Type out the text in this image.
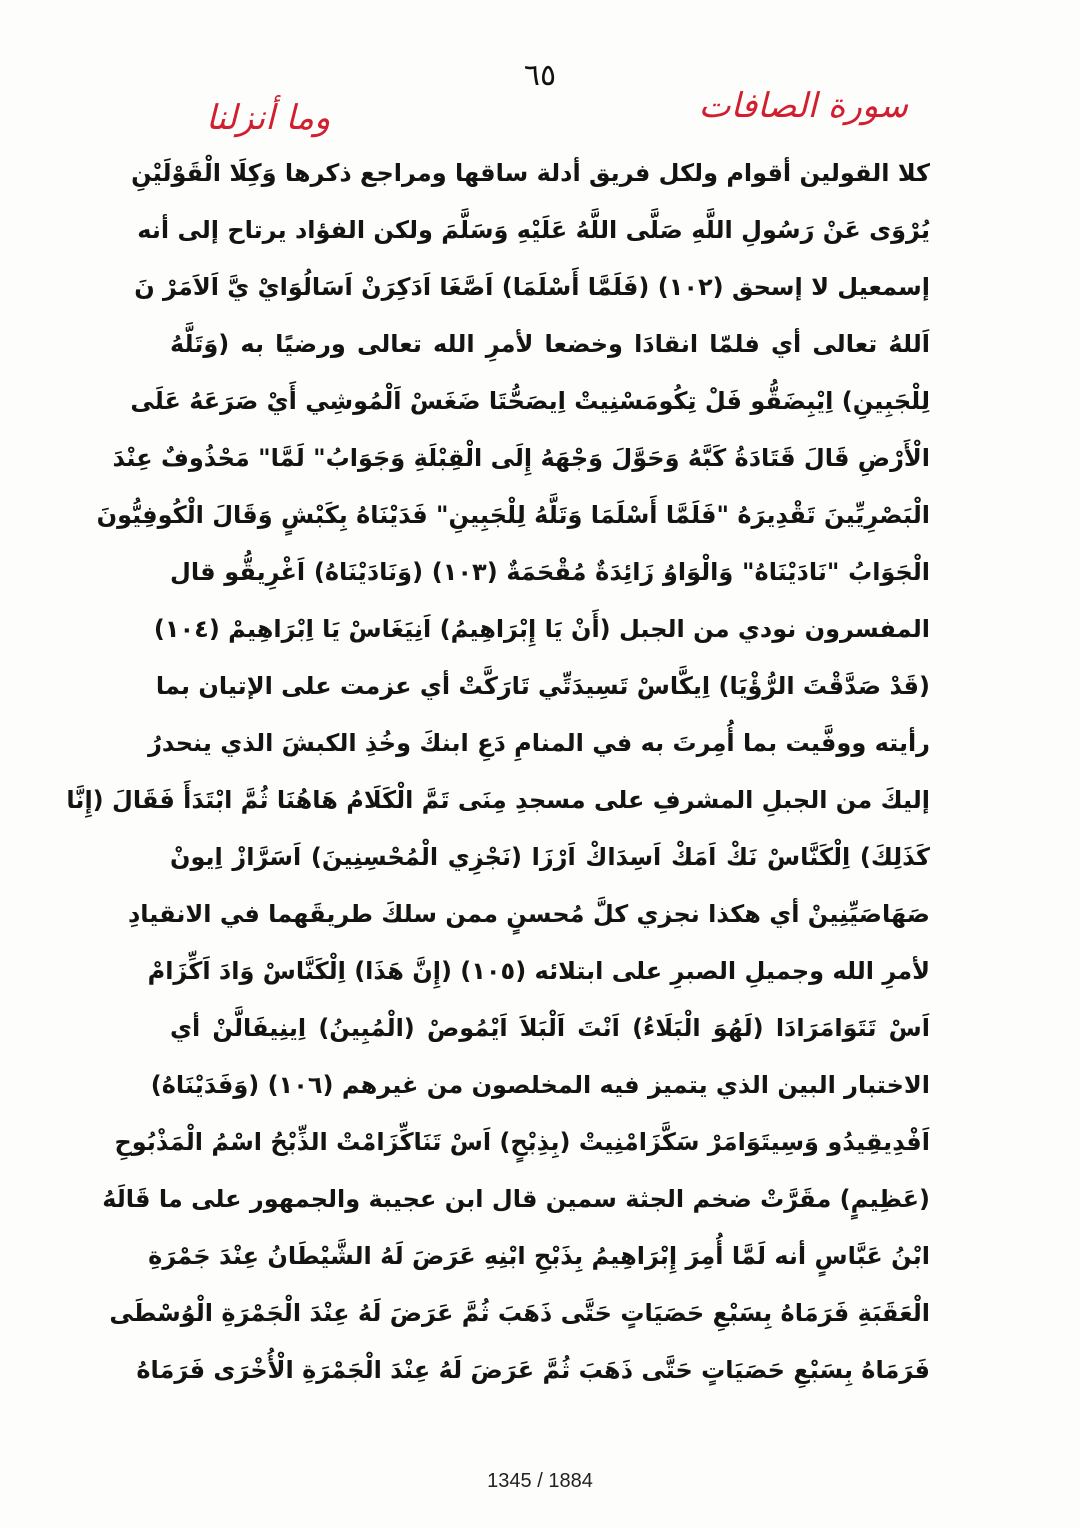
٦٥
سورة الصافات
وما أنزلنا
كلا القولين أقوام ولكل فريق أدلة ساقها ومراجع ذكرها وَكِلَا الْقَوْلَيْنِ
يُرْوَى عَنْ رَسُولِ اللَّهِ صَلَّى اللَّهُ عَلَيْهِ وَسَلَّمَ ولكن الفؤاد يرتاح إلى أنه
إسمعيل لا إسحق (١٠٢) (فَلَمَّا أَسْلَمَا) اَصَّغَا اَدَكِرَنْ اَسَالُوَايْ يَّ اَلاَمَرْ نَ
اَللهُ تعالى أي فلمّا انقادَا وخضعا لأمرِ الله تعالى ورضيًا به (وَتَلَّهُ
لِلْجَبِينِ) اِيْبِضَقُّو فَلْ تِكُومَسْنِيتْ اِيصَحُّتَا ضَغَسْ اَلْمُوشِي أَيْ صَرَعَهُ عَلَى
الْأَرْضِ قَالَ قَتَادَةُ كَبَّهُ وَحَوَّلَ وَجْهَهُ إِلَى الْقِبْلَةِ وَجَوَابُ" لَمَّا" مَحْذُوفٌ عِنْدَ
الْبَصْرِيِّينَ تَقْدِيرَهُ "فَلَمَّا أَسْلَمَا وَتَلَّهُ لِلْجَبِينِ" فَدَيْنَاهُ بِكَبْشٍ وَقَالَ الْكُوفِيُّونَ
الْجَوَابُ "نَادَيْنَاهُ" وَالْوَاوُ زَائِدَةٌ مُقْحَمَةٌ (١٠٣) (وَنَادَيْنَاهُ) اَغْرِيقُّو قال
المفسرون نودي من الجبل (أَنْ يَا إِبْرَاهِيمُ) اَنِيَغَاسْ يَا اِبْرَاهِيمْ (١٠٤)
(قَدْ صَدَّقْتَ الرُّؤْيَا) اِيكَّاسْ تَسِيدَتِّي تَارَكَّتْ أي عزمت على الإتيان بما
رأيته ووفَّيت بما أُمِرتَ به في المنامِ دَعِ ابنكَ وخُذِ الكبشَ الذي ينحدرُ
إليكَ من الجبلِ المشرفِ على مسجدِ مِنَى تَمَّ الْكَلَامُ هَاهُنَا ثُمَّ ابْتَدَأَ فَقَالَ (إِنَّا
كَذَلِكَ) اِلْكَنَّاسْ نَكْ اَمَكْ اَسِدَاكْ اَرْزَا (نَجْزِي الْمُحْسِنِينَ) اَسَرَّازْ اِيونْ
صَهَاصَيِّنِينْ أي هكذا نجزي كلَّ مُحسنٍ ممن سلكَ طريقَهما في الانقيادِ
لأمرِ الله وجميلِ الصبرِ على ابتلائه (١٠٥) (إِنَّ هَذَا) اِلْكَنَّاسْ وَادَ اَكِّزَامْ
اَسْ تَتَوَامَرَادَا (لَهُوَ الْبَلَاءُ) اَنْتَ اَلْبَلاَ اَيْمُوصْ (الْمُبِينُ) اِينِيفَالَّنْ أي
الاختبار البين الذي يتميز فيه المخلصون من غيرهم (١٠٦) (وَفَدَيْنَاهُ)
اَفْدِيقِيدُو وَسِيتَوَامَرْ سَكَّزَامْنِيتْ (بِذِبْحٍ) اَسْ تَنَاكِّزَامْتْ الذِّبْحُ اسْمُ الْمَذْبُوحِ
(عَظِيمٍ) مقَرَّتْ ضخم الجثة سمين قال ابن عجيبة والجمهور على ما قَالَهُ
ابْنُ عَبَّاسٍ أنه لَمَّا أُمِرَ إِبْرَاهِيمُ بِذَبْحِ ابْنِهِ عَرَضَ لَهُ الشَّيْطَانُ عِنْدَ جَمْرَةِ
الْعَقَبَةِ فَرَمَاهُ بِسَبْعِ حَصَيَاتٍ حَتَّى ذَهَبَ ثُمَّ عَرَضَ لَهُ عِنْدَ الْجَمْرَةِ الْوُسْطَى
فَرَمَاهُ بِسَبْعِ حَصَيَاتٍ حَتَّى ذَهَبَ ثُمَّ عَرَضَ لَهُ عِنْدَ الْجَمْرَةِ الْأُخْرَى فَرَمَاهُ
1345 / 1884
